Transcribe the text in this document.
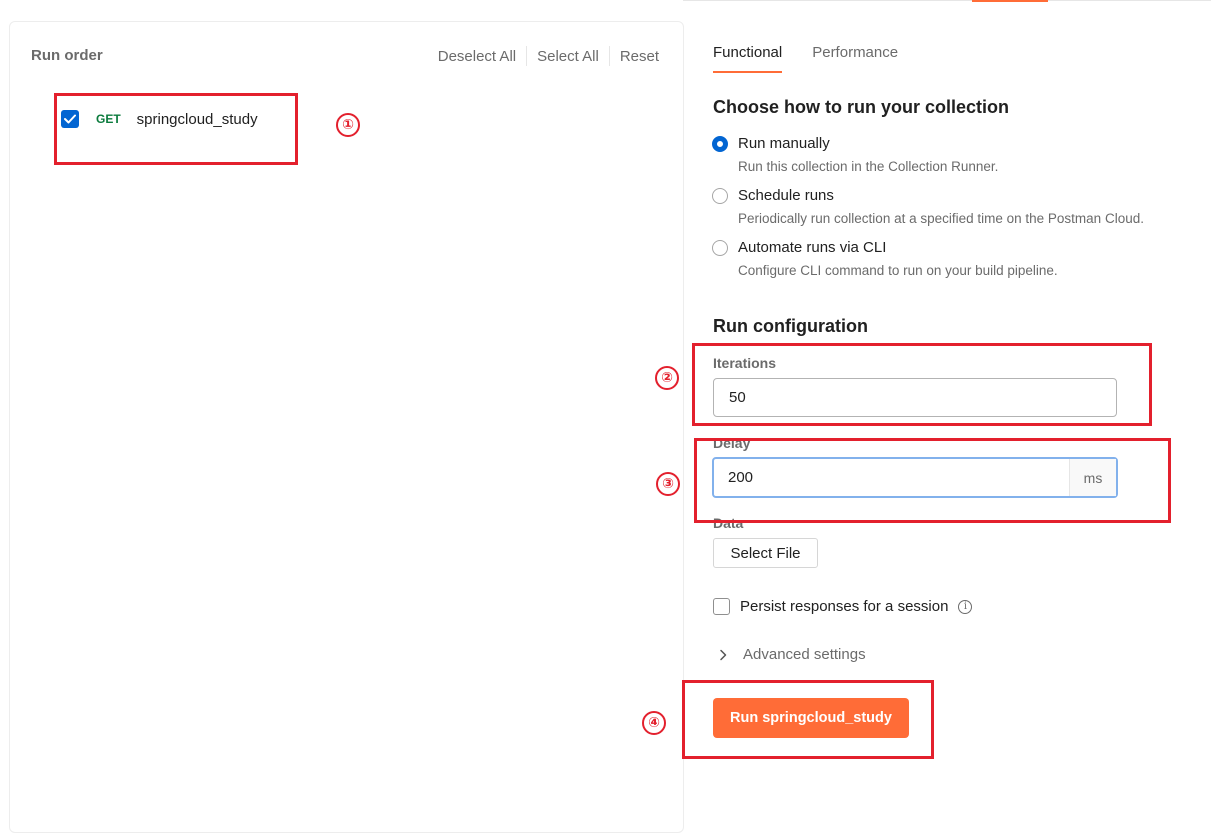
Run order	Deselect All	Select All	Reset
GET springcloud_study	①
Functional Performance
Choose how to run your collection
Run manually
Run this collection in the Collection Runner.
Schedule runs
Periodically run collection at a specified time on the Postman Cloud.
Automate runs via CLI
Configure CLI command to run on your build pipeline.
Run configuration
Iterations
50
Delay
200
ms
Data
Select File
Persist responses for a session	i
Advanced settings
Run springcloud_study
②
③
④
